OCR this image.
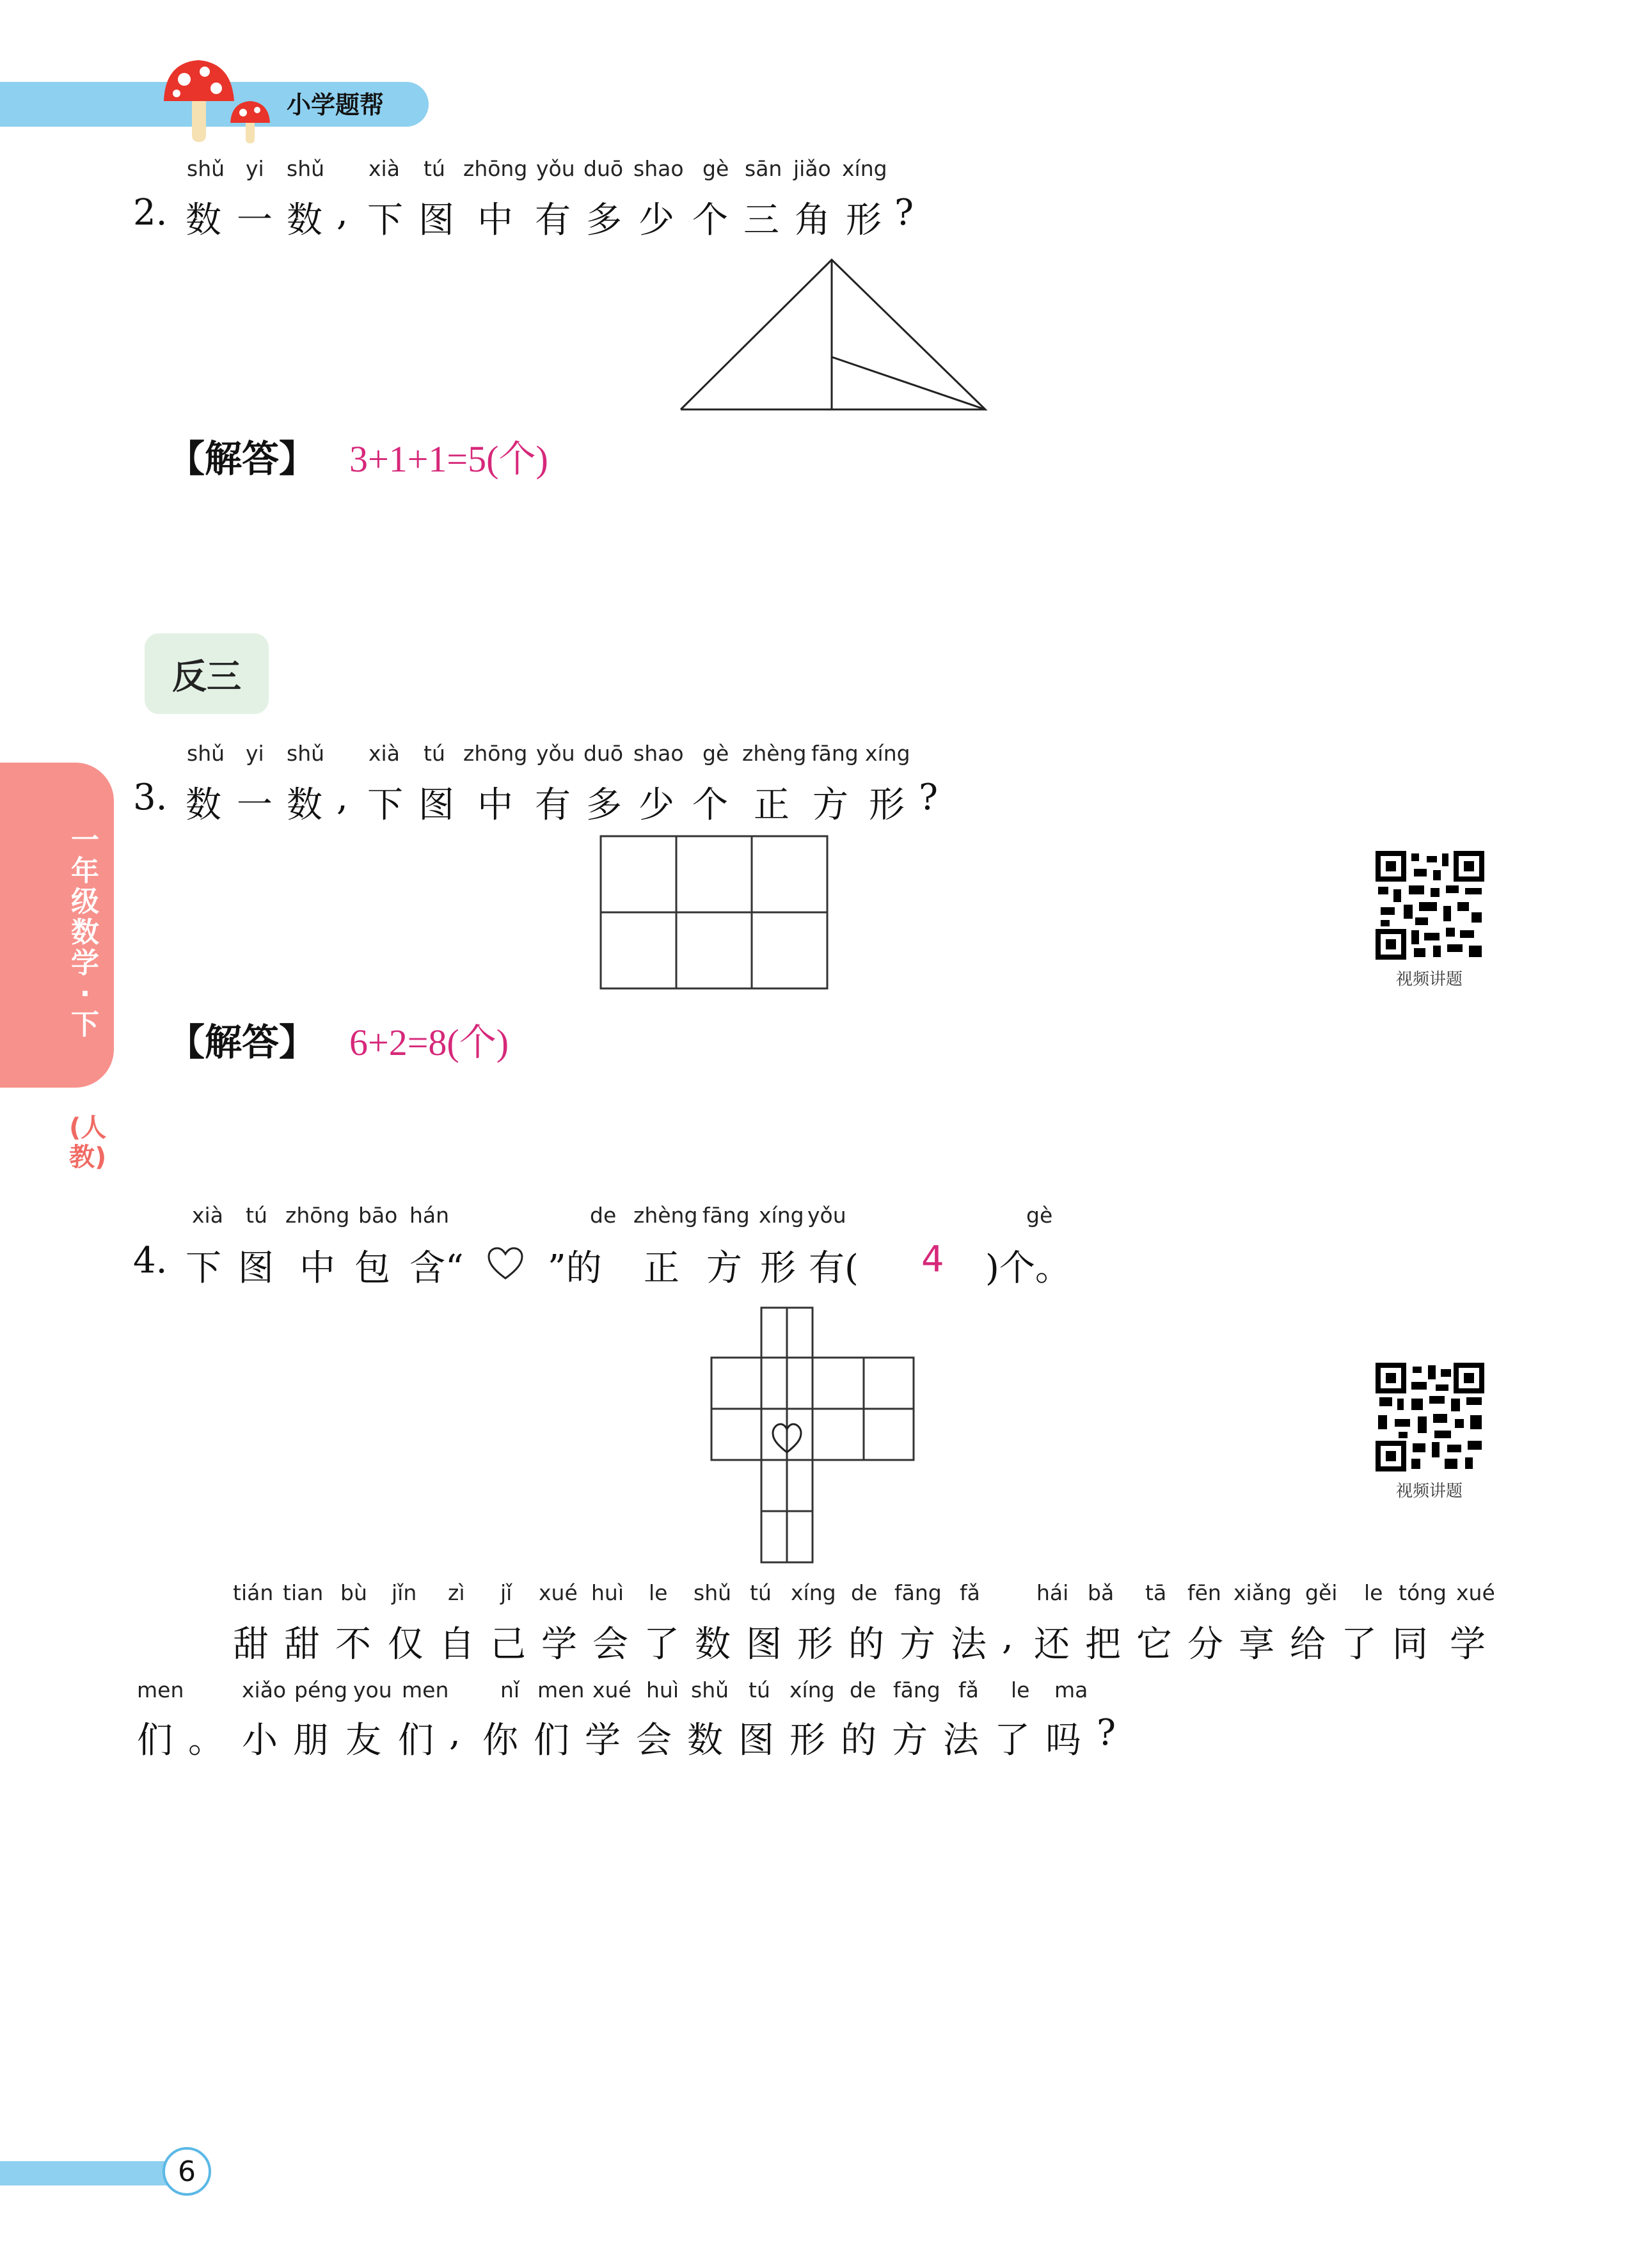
小学题帮
shǔ yi shǔ xià tú zhōng yǒu duō shao gè sān jiǎo xíng
2. 数 一 数 , 下 图 中 有 多 少 个 三 角 形 ?
【解答】 3+1+1=5(个)
反三
一年级数学·下
(人教)
shǔ yi shǔ xià tú zhōng yǒu duō shao gè zhèng fāng xíng
3. 数 一 数 , 下 图 中 有 多 少 个 正 方 形 ?
【解答】 6+2=8(个)
视频讲题
xià tú zhōng bāo hán	de zhèng fāng xíng yǒu	gè
4. 下 图 中 包 含“ ”的 正 方 形 有(	)个。
4
视频讲题
tián tian bù jǐn zì jǐ xué huì le shǔ tú xíng de fāng fǎ	hái bǎ tā fēn xiǎng gěi le tóng xué
甜 甜 不 仅 自 己 学 会 了 数 图 形 的 方 法 , 还 把 它 分 享 给 了 同 学
men	xiǎo péng you men nǐ men xué huì shǔ tú xíng de fāng fǎ le ma
们 。 小 朋 友 们 , 你 们 学 会 数 图 形 的 方 法 了 吗 ?
6
